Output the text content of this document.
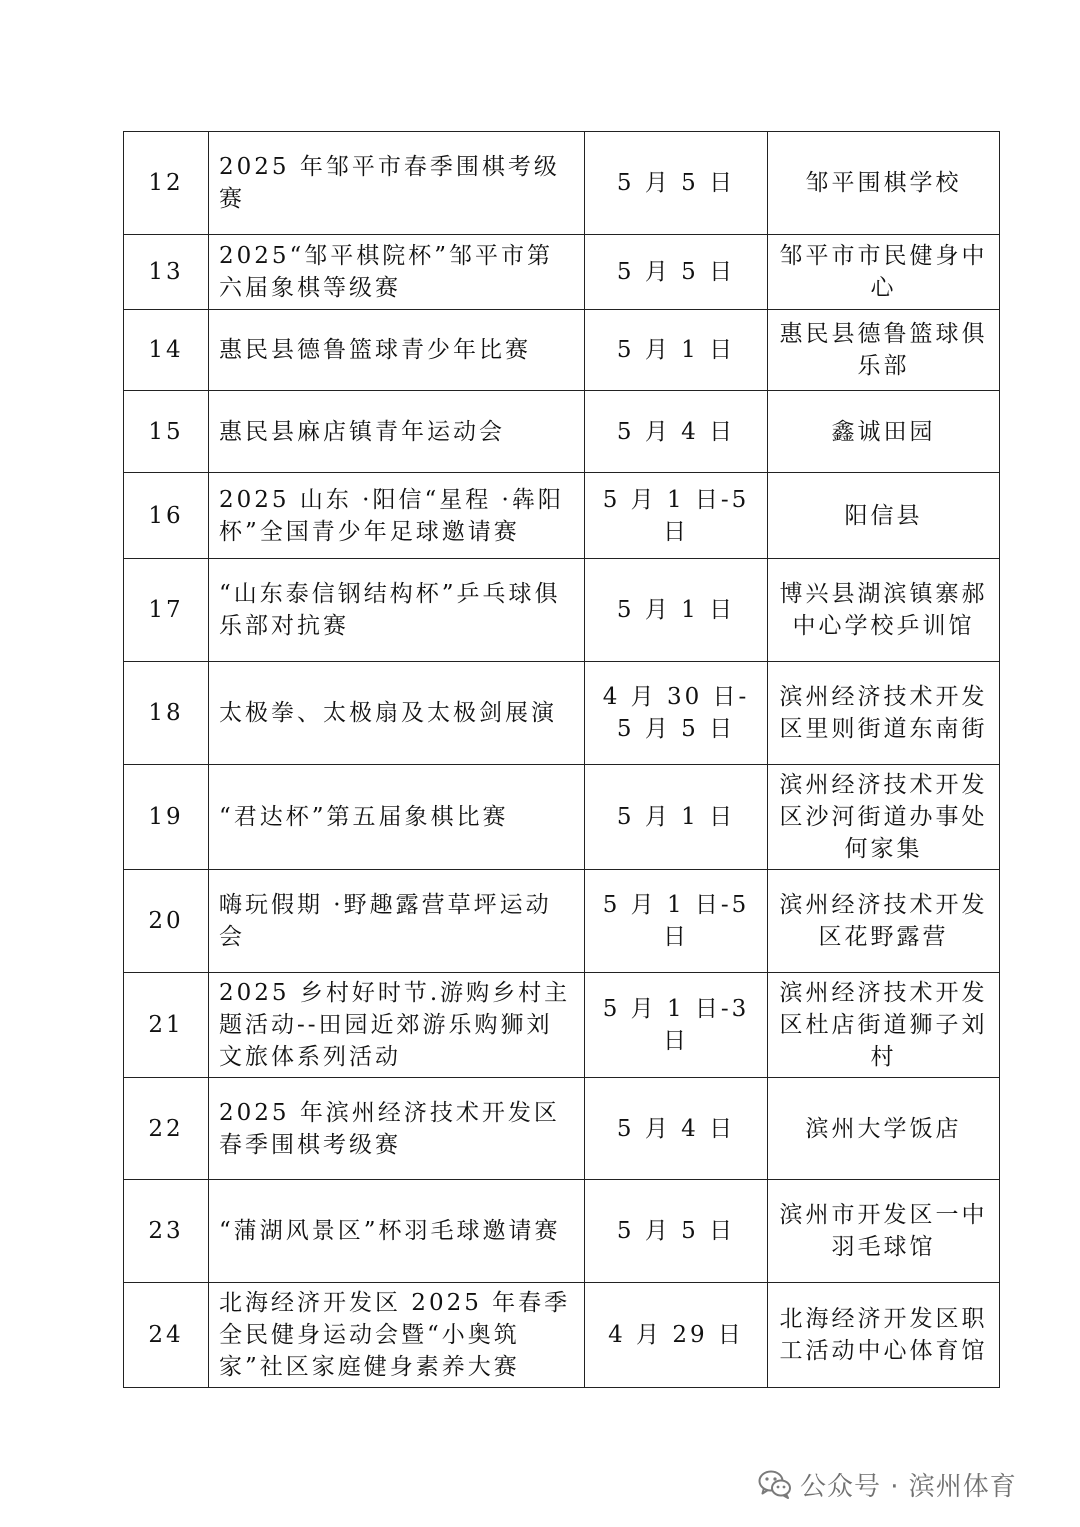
12	2025 年邹平市春季围棋考级赛	5 月 5 日	邹平围棋学校
13	2025“邹平棋院杯”邹平市第六届象棋等级赛	5 月 5 日	邹平市市民健身中心
14	惠民县德鲁篮球青少年比赛	5 月 1 日	惠民县德鲁篮球俱乐部
15	惠民县麻店镇青年运动会	5 月 4 日	鑫诚田园
16	2025 山东 ·阳信“星程 ·犇阳杯”全国青少年足球邀请赛	5 月 1 日-5 日	阳信县
17	“山东泰信钢结构杯”乒乓球俱乐部对抗赛	5 月 1 日	博兴县湖滨镇寨郝中心学校乒训馆
18	太极拳、太极扇及太极剑展演	4 月 30 日-5 月 5 日	滨州经济技术开发区里则街道东南街
19	“君达杯”第五届象棋比赛	5 月 1 日	滨州经济技术开发区沙河街道办事处何家集
20	嗨玩假期 ·野趣露营草坪运动会	5 月 1 日-5 日	滨州经济技术开发区花野露营
21	2025 乡村好时节.游购乡村主题活动--田园近郊游乐购狮刘文旅体系列活动	5 月 1 日-3 日	滨州经济技术开发区杜店街道狮子刘村
22	2025 年滨州经济技术开发区春季围棋考级赛	5 月 4 日	滨州大学饭店
23	“蒲湖风景区”杯羽毛球邀请赛	5 月 5 日	滨州市开发区一中羽毛球馆
24	北海经济开发区 2025 年春季全民健身运动会暨“小奥筑家”社区家庭健身素养大赛	4 月 29 日	北海经济开发区职工活动中心体育馆
公众号 · 滨州体育
